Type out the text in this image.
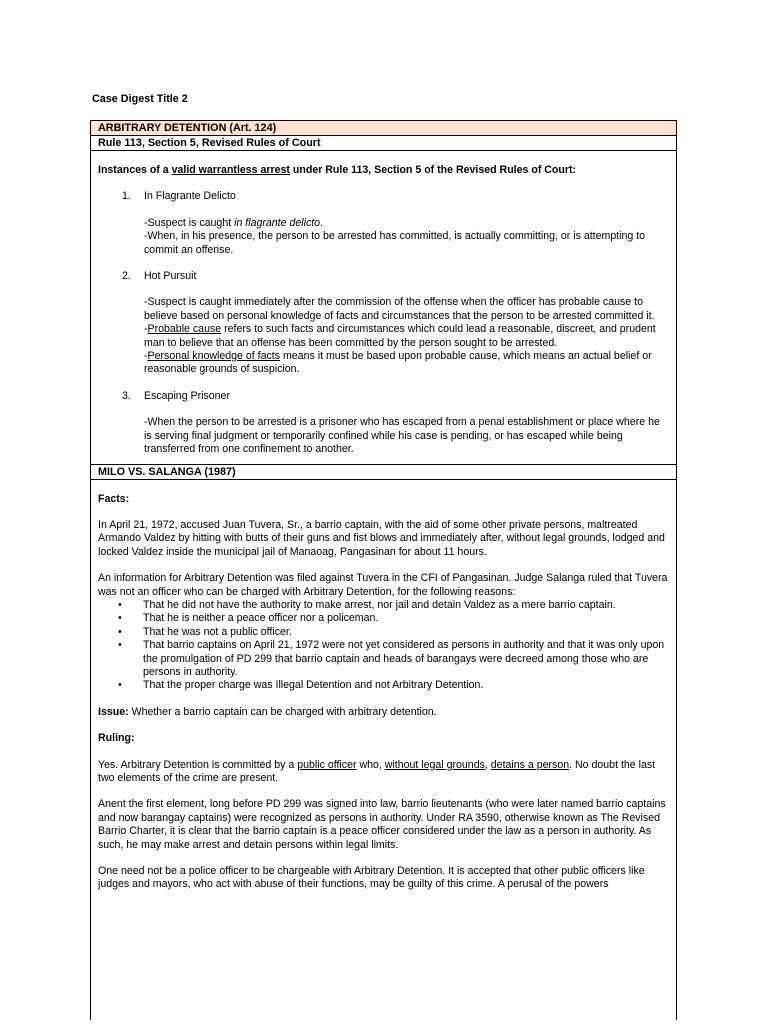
Case Digest Title 2
ARBITRARY DETENTION (Art. 124)
Rule 113, Section 5, Revised Rules of Court

Instances of a valid warrantless arrest under Rule 113, Section 5 of the Revised Rules of Court:

1.	In Flagrante Delicto

-Suspect is caught in flagrante delicto.

-When, in his presence, the person to be arrested has committed, is actually committing, or is attempting to commit an offense.

2.	Hot Pursuit

-Suspect is caught immediately after the commission of the offense when the officer has probable cause to believe based on personal knowledge of facts and circumstances that the person to be arrested committed it.

-Probable cause refers to such facts and circumstances which could lead a reasonable, discreet, and prudent man to believe that an offense has been committed by the person sought to be arrested.

-Personal knowledge of facts means it must be based upon probable cause, which means an actual belief or reasonable grounds of suspicion.

3.	Escaping Prisoner

-When the person to be arrested is a prisoner who has escaped from a penal establishment or place where he is serving final judgment or temporarily confined while his case is pending, or has escaped while being transferred from one confinement to another.

MILO VS. SALANGA (1987)

Facts:

In April 21, 1972, accused Juan Tuvera, Sr., a barrio captain, with the aid of some other private persons, maltreated Armando Valdez by hitting with butts of their guns and fist blows and immediately after, without legal grounds, lodged and locked Valdez inside the municipal jail of Manaoag, Pangasinan for about 11 hours.

An information for Arbitrary Detention was filed against Tuvera in the CFI of Pangasinan. Judge Salanga ruled that Tuvera was not an officer who can be charged with Arbitrary Detention, for the following reasons:

•	That he did not have the authority to make arrest, nor jail and detain Valdez as a mere barrio captain.
•	That he is neither a peace officer nor a policeman.
•	That he was not a public officer.
•	That barrio captains on April 21, 1972 were not yet considered as persons in authority and that it was only upon the promulgation of PD 299 that barrio captain and heads of barangays were decreed among those who are persons in authority.
•	That the proper charge was Illegal Detention and not Arbitrary Detention.

Issue: Whether a barrio captain can be charged with arbitrary detention.

Ruling:

Yes. Arbitrary Detention is committed by a public officer who, without legal grounds, detains a person. No doubt the last two elements of the crime are present.

Anent the first element, long before PD 299 was signed into law, barrio lieutenants (who were later named barrio captains and now barangay captains) were recognized as persons in authority. Under RA 3590, otherwise known as The Revised Barrio Charter, it is clear that the barrio captain is a peace officer considered under the law as a person in authority. As such, he may make arrest and detain persons within legal limits.

One need not be a police officer to be chargeable with Arbitrary Detention. It is accepted that other public officers like judges and mayors, who act with abuse of their functions, may be guilty of this crime. A perusal of the powers
